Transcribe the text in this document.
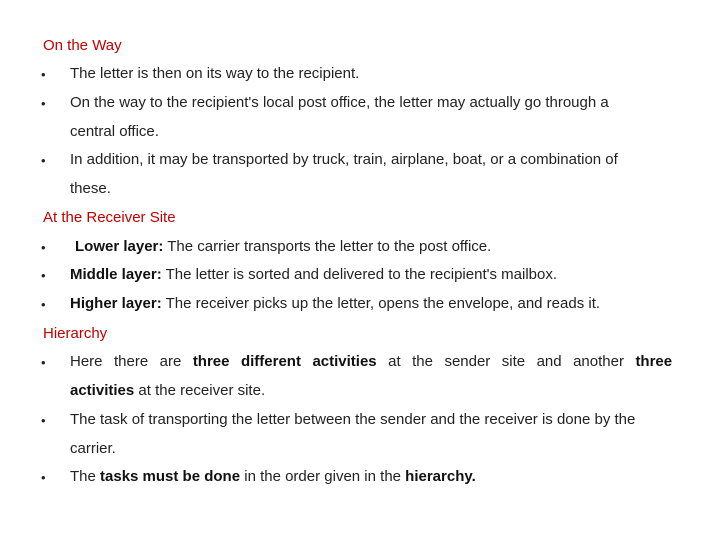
On the Way
• The letter is then on its way to the recipient.
• On the way to the recipient's local post office, the letter may actually go through a
central office.
• In addition, it may be transported by truck, train, airplane, boat, or a combination of
these.
At the Receiver Site
• Lower layer: The carrier transports the letter to the post office.
• Middle layer: The letter is sorted and delivered to the recipient's mailbox.
• Higher layer: The receiver picks up the letter, opens the envelope, and reads it.
Hierarchy
• Here there are three different activities at the sender site and another three
activities at the receiver site.
• The task of transporting the letter between the sender and the receiver is done by the
carrier.
• The tasks must be done in the order given in the hierarchy.
